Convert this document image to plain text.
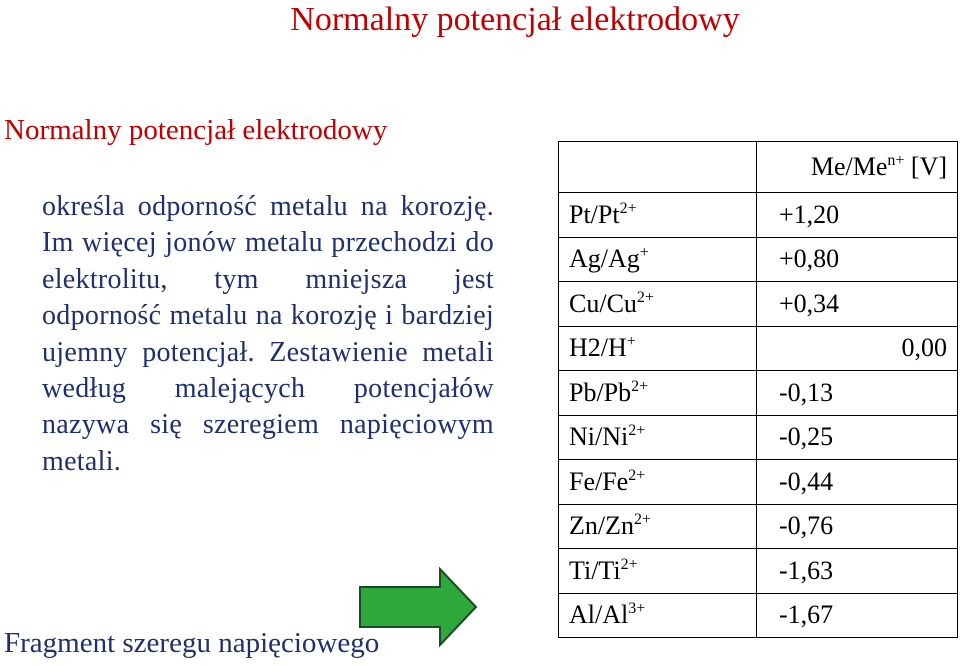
Normalny potencjał elektrodowy
Normalny potencjał elektrodowy
określa odporność metalu na korozję. Im więcej jonów metalu przechodzi do elektrolitu, tym mniejsza jest odporność metalu na korozję i bardziej ujemny potencjał. Zestawienie metali według malejących potencjałów nazywa się szeregiem napięciowym metali.
Fragment szeregu napięciowego
	$Me/Me^{n+}$ [V]
$Pt/Pt^{2+}$	+1,20
Ag/Ag+	+0,80
$Cu/Cu^{2+}$	+0,34
H2/H+	0,00
$Pb/Pb^{2+}$	-0,13
$Ni/Ni^{2+}$	-0,25
$Fe/Fe^{2+}$	-0,44
$Zn/Zn^{2+}$	-0,76
$Ti/Ti^{2+}$	-1,63
$Al/Al^{3+}$	-1,67
